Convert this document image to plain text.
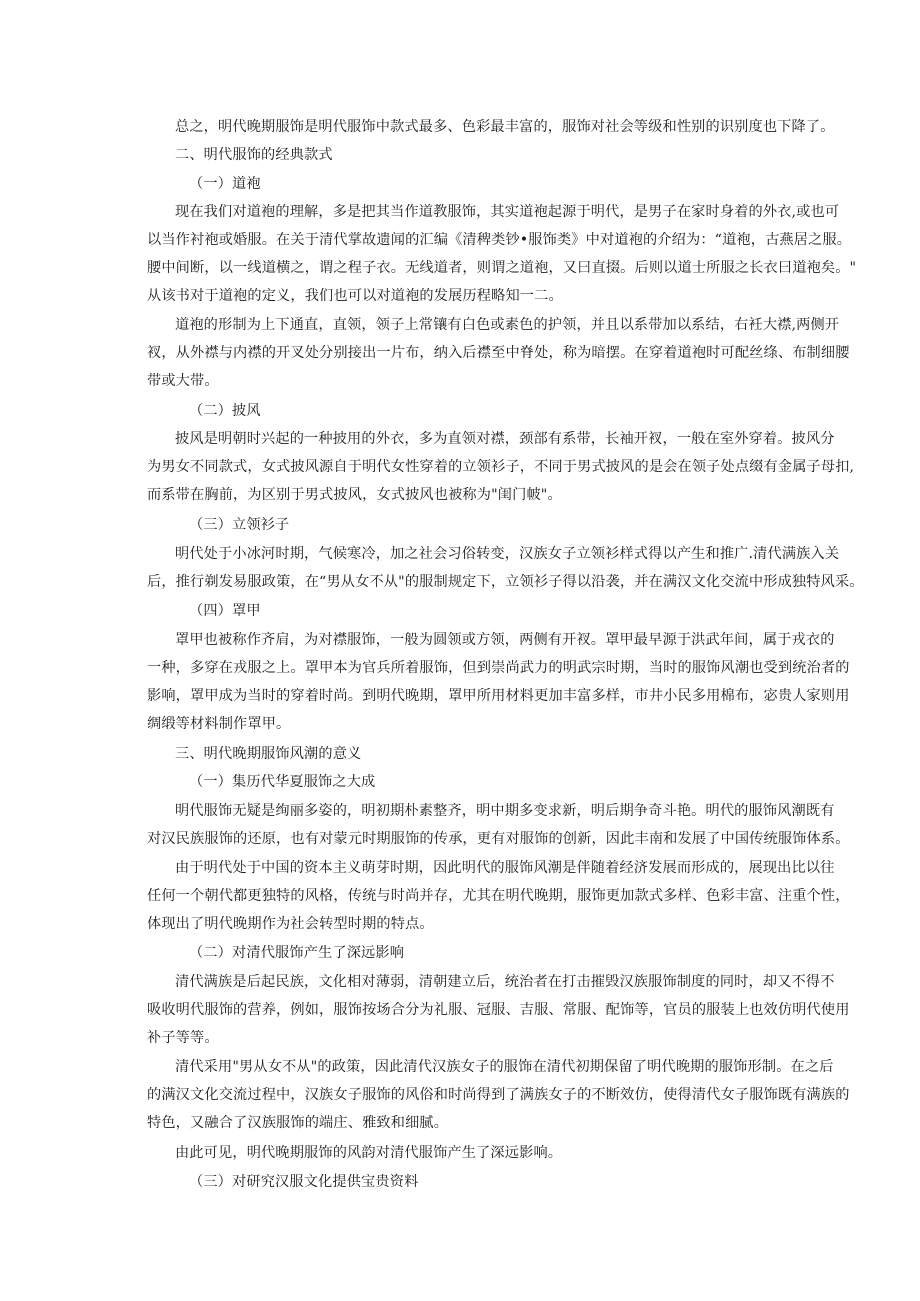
总之，明代晚期服饰是明代服饰中款式最多、色彩最丰富的，服饰对社会等级和性别的识别度也下降了。
二、明代服饰的经典款式
（一）道袍
现在我们对道袍的理解，多是把其当作道教服饰，其实道袍起源于明代，是男子在家时身着的外衣,或也可
以当作衬袍或婚服。在关于清代掌故遗闻的汇编《清稗类钞•服饰类》中对道袍的介绍为：“道袍，古燕居之服。
腰中间断，以一线道横之，谓之程子衣。无线道者，则谓之道袍，又曰直掇。后则以道士所服之长衣曰道袍矣。"
从该书对于道袍的定义，我们也可以对道袍的发展历程略知一二。
道袍的形制为上下通直，直领，领子上常镶有白色或素色的护领，并且以系带加以系结，右衽大襟,两侧开
衩，从外襟与内襟的开叉处分别接出一片布，纳入后襟至中脊处，称为暗摆。在穿着道袍时可配丝绦、布制细腰
带或大带。
（二）披风
披风是明朝时兴起的一种披用的外衣，多为直领对襟，颈部有系带，长袖开衩，一般在室外穿着。披风分
为男女不同款式，女式披风源自于明代女性穿着的立领衫子，不同于男式披风的是会在领子处点缀有金属子母扣,
而系带在胸前，为区别于男式披风，女式披风也被称为"闺门帔"。
（三）立领衫子
明代处于小冰河时期，气候寒冷，加之社会习俗转变，汉族女子立领衫样式得以产生和推广.清代满族入关
后，推行剃发易服政策，在“男从女不从"的服制规定下，立领衫子得以沿袭，并在满汉文化交流中形成独特风采。
（四）罩甲
罩甲也被称作齐肩，为对襟服饰，一般为圆领或方领，两侧有开衩。罩甲最早源于洪武年间，属于戎衣的
一种，多穿在戎服之上。罩甲本为官兵所着服饰，但到崇尚武力的明武宗时期，当时的服饰风潮也受到统治者的
影响，罩甲成为当时的穿着时尚。到明代晚期，罩甲所用材料更加丰富多样，市井小民多用棉布，宓贵人家则用
绸缎等材料制作罩甲。
三、明代晚期服饰风潮的意义
（一）集历代华夏服饰之大成
明代服饰无疑是绚丽多姿的，明初期朴素整齐，明中期多变求新，明后期争奇斗艳。明代的服饰风潮既有
对汉民族服饰的还原，也有对蒙元时期服饰的传承，更有对服饰的创新，因此丰南和发展了中国传统服饰体系。
由于明代处于中国的资本主义萌芽时期，因此明代的服饰风潮是伴随着经济发展而形成的，展现出比以往
任何一个朝代都更独特的风格，传统与时尚并存，尤其在明代晚期，服饰更加款式多样、色彩丰富、注重个性，
体现出了明代晚期作为社会转型时期的特点。
（二）对清代服饰产生了深远影响
清代满族是后起民族，文化相对薄弱，清朝建立后，统治者在打击摧毁汉族服饰制度的同时，却又不得不
吸收明代服饰的营养，例如，服饰按场合分为礼服、冠服、吉服、常服、配饰等，官员的服装上也效仿明代使用
补子等等。
清代采用"男从女不从"的政策，因此清代汉族女子的服饰在清代初期保留了明代晚期的服饰形制。在之后
的满汉文化交流过程中，汉族女子服饰的风俗和时尚得到了满族女子的不断效仿，使得清代女子服饰既有满族的
特色，又融合了汉族服饰的端庄、雅致和细腻。
由此可见，明代晚期服饰的风韵对清代服饰产生了深远影响。
（三）对研究汉服文化提供宝贵资料
